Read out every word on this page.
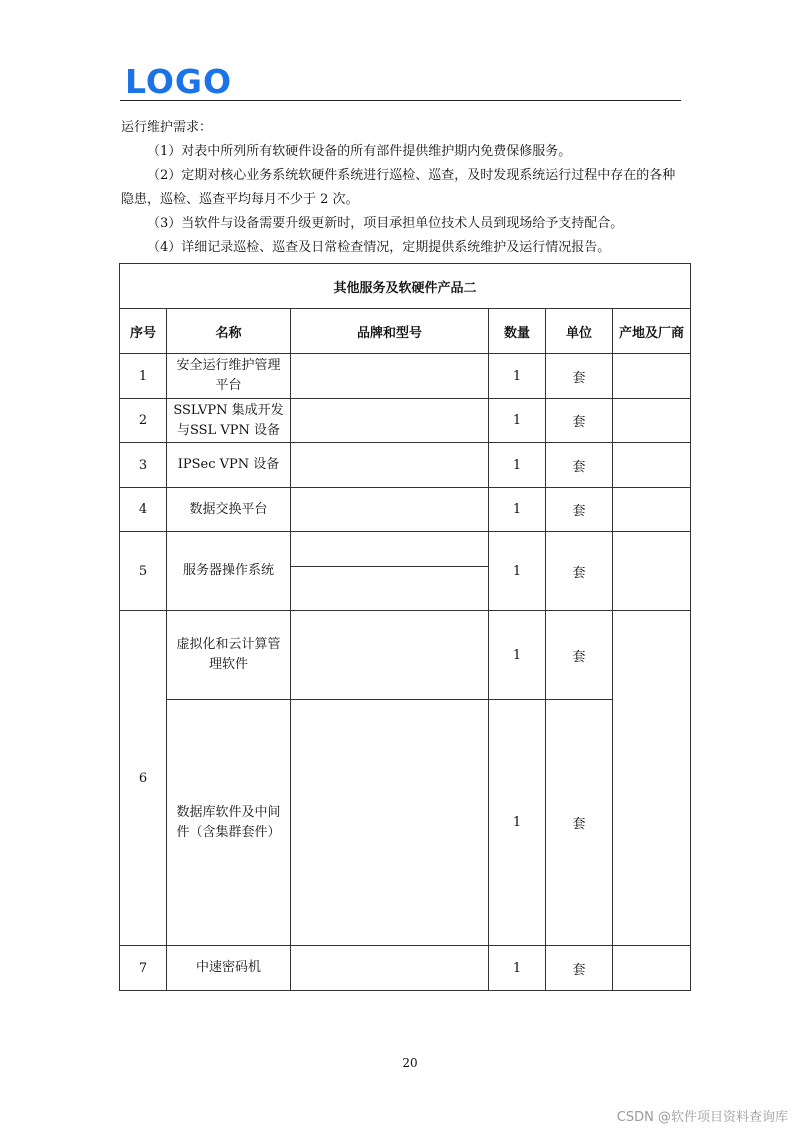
LOGO

运行维护需求：

（1）对表中所列所有软硬件设备的所有部件提供维护期内免费保修服务。

（2）定期对核心业务系统软硬件系统进行巡检、巡查，及时发现系统运行过程中存在的各种隐患，巡检、巡查平均每月不少于 2 次。

（3）当软件与设备需要升级更新时，项目承担单位技术人员到现场给予支持配合。

（4）详细记录巡检、巡查及日常检查情况，定期提供系统维护及运行情况报告。

其他服务及软硬件产品二					
序号	名称	品牌和型号	数量	单位	产地及厂商
1	安全运行维护管理平台		1	套	
2	SSLVPN 集成开发与SSL VPN 设备		1	套	
3	IPSec VPN 设备		1	套	
4	数据交换平台		1	套	
5	服务器操作系统		1	套	

6	虚拟化和云计算管理软件		1	套	
	数据库软件及中间件（含集群套件）		1	套	
7	中速密码机		1	套	
20
CSDN @软件项目资料查询库
